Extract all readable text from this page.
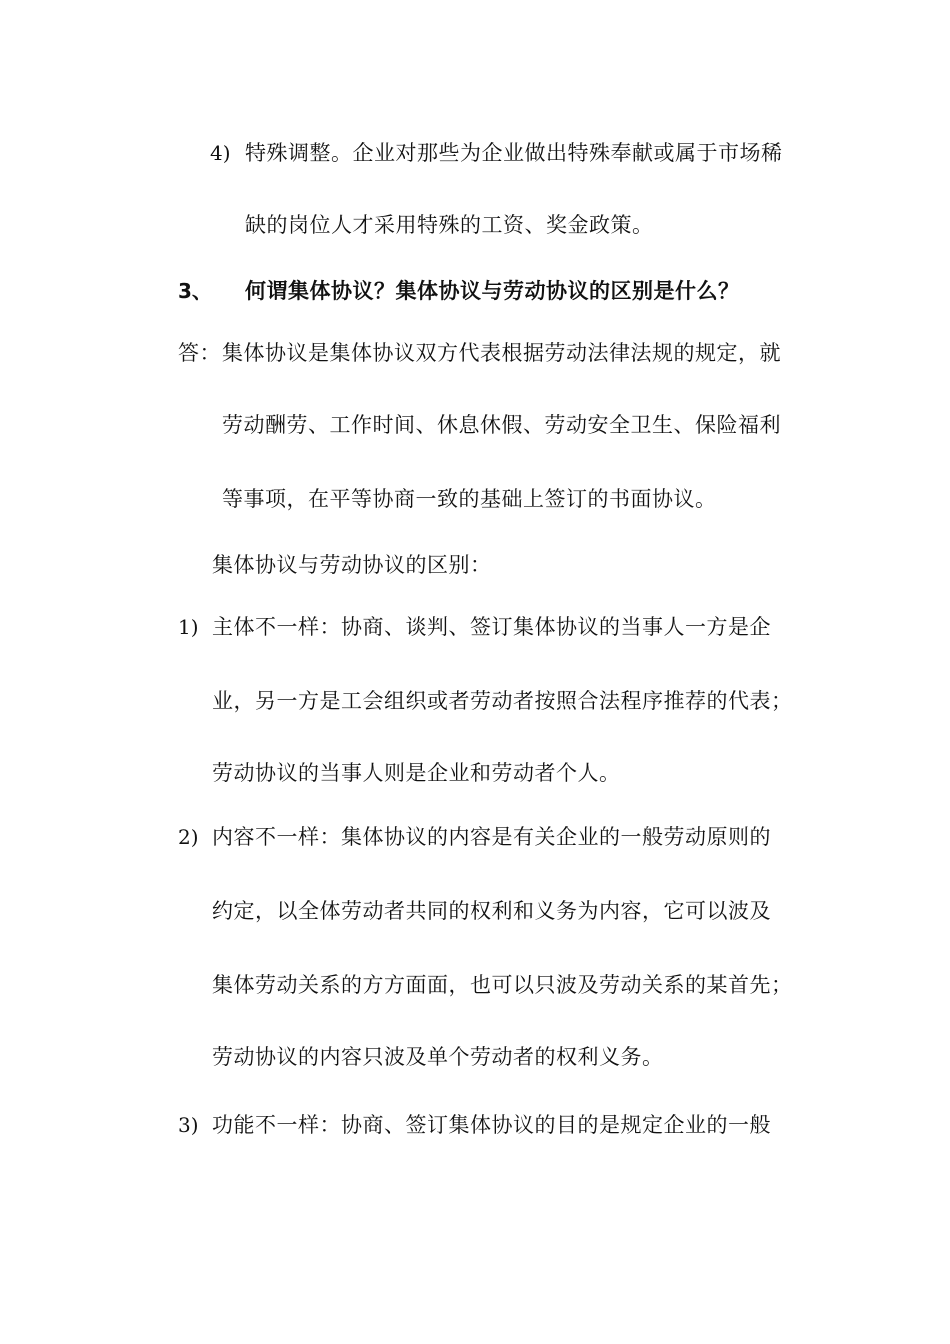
4) 特殊调整。企业对那些为企业做出特殊奉献或属于市场稀
缺的岗位人才采用特殊的工资、奖金政策。
3、 何谓集体协议？集体协议与劳动协议的区别是什么？
答： 集体协议是集体协议双方代表根据劳动法律法规的规定，就
劳动酬劳、工作时间、休息休假、劳动安全卫生、保险福利
等事项，在平等协商一致的基础上签订的书面协议。
集体协议与劳动协议的区别：
1) 主体不一样：协商、谈判、签订集体协议的当事人一方是企
业，另一方是工会组织或者劳动者按照合法程序推荐的代表；
劳动协议的当事人则是企业和劳动者个人。
2) 内容不一样：集体协议的内容是有关企业的一般劳动原则的
约定，以全体劳动者共同的权利和义务为内容，它可以波及
集体劳动关系的方方面面，也可以只波及劳动关系的某首先；
劳动协议的内容只波及单个劳动者的权利义务。
3) 功能不一样：协商、签订集体协议的目的是规定企业的一般
